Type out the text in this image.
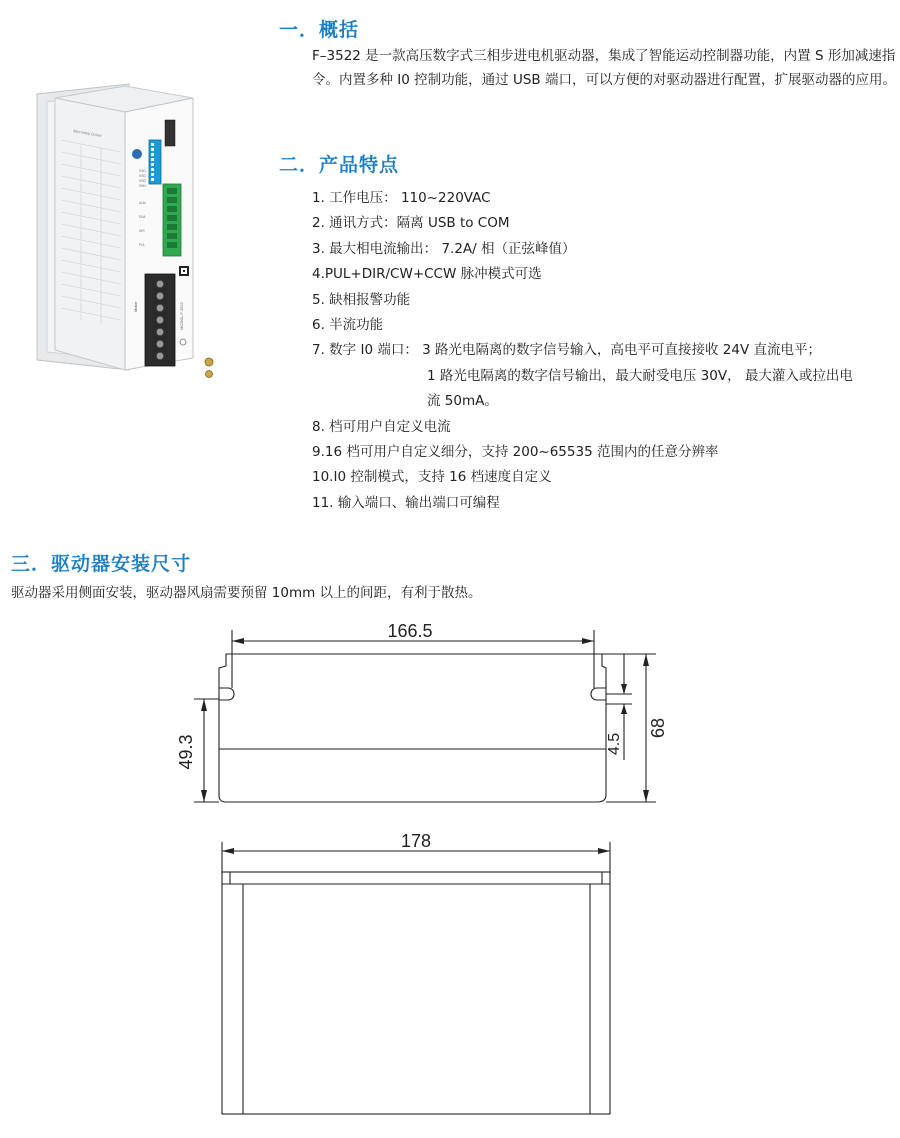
Microstep Driver
SW1
SW2
SW3
SW4
ALM
ENA
DIR
PUL
MODEL:F-3522
Motor
一．概括
F–3522 是一款高压数字式三相步进电机驱动器，集成了智能运动控制器功能，内置 S 形加减速指令。内置多种 I0 控制功能，通过 USB 端口，可以方便的对驱动器进行配置，扩展驱动器的应用。
二．产品特点
1. 工作电压： 110~220VAC
2. 通讯方式：隔离 USB to COM
3. 最大相电流输出： 7.2A/ 相（正弦峰值）
4.PUL+DIR/CW+CCW 脉冲模式可选
5. 缺相报警功能
6. 半流功能
7. 数字 I0 端口： 3 路光电隔离的数字信号输入，高电平可直接接收 24V 直流电平；
1 路光电隔离的数字信号输出，最大耐受电压 30V， 最大灌入或拉出电
流 50mA。
8. 档可用户自定义电流
9.16 档可用户自定义细分，支持 200~65535 范围内的任意分辨率
10.I0 控制模式，支持 16 档速度自定义
11. 输入端口、输出端口可编程
三．驱动器安装尺寸
驱动器采用侧面安装，驱动器风扇需要预留 10mm 以上的间距，有利于散热。
166.5
68
49.3	4.5
178
